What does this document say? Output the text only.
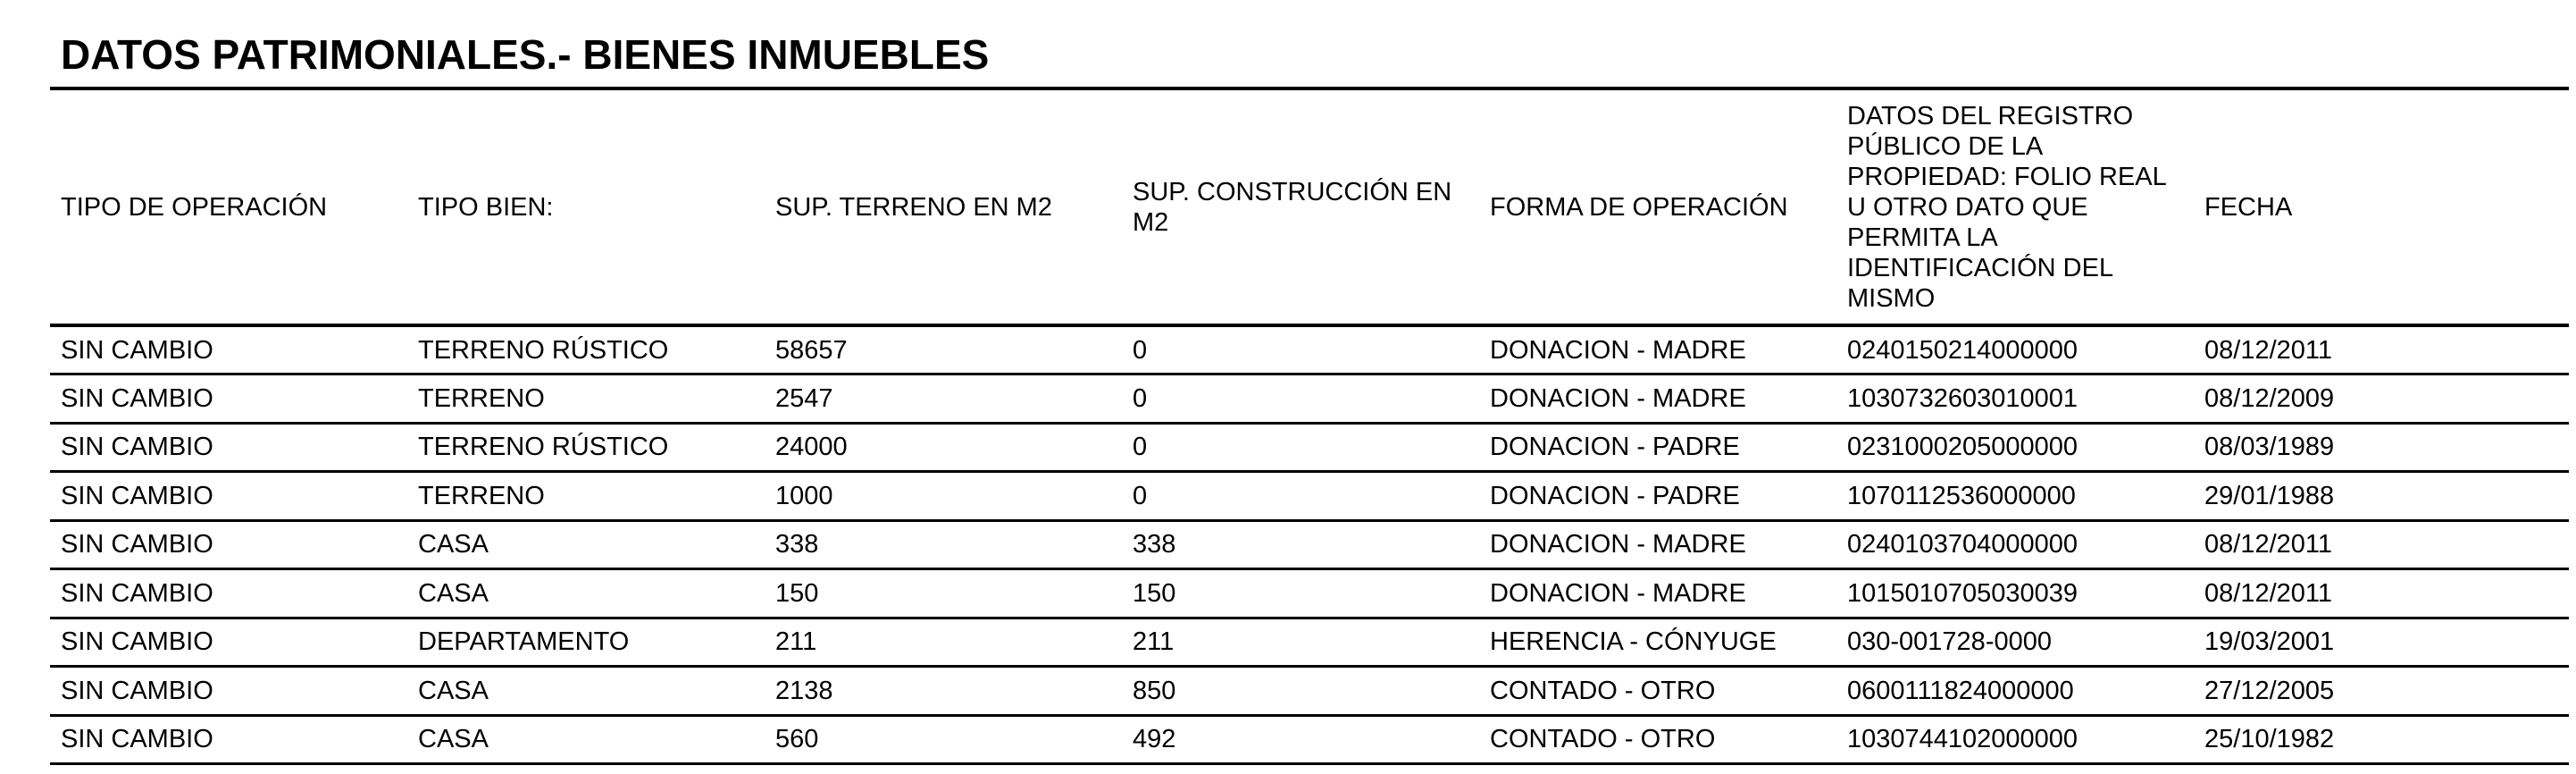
DATOS PATRIMONIALES.- BIENES INMUEBLES
TIPO DE OPERACIÓN	TIPO BIEN:	SUP. TERRENO EN M2	SUP. CONSTRUCCIÓN EN M2	FORMA DE OPERACIÓN	DATOS DEL REGISTRO PÚBLICO DE LA PROPIEDAD: FOLIO REAL U OTRO DATO QUE PERMITA LA IDENTIFICACIÓN DEL MISMO	FECHA
SIN CAMBIO	TERRENO RÚSTICO	58657	0	DONACION - MADRE	0240150214000000	08/12/2011
SIN CAMBIO	TERRENO	2547	0	DONACION - MADRE	1030732603010001	08/12/2009
SIN CAMBIO	TERRENO RÚSTICO	24000	0	DONACION - PADRE	0231000205000000	08/03/1989
SIN CAMBIO	TERRENO	1000	0	DONACION - PADRE	1070112536000000	29/01/1988
SIN CAMBIO	CASA	338	338	DONACION - MADRE	0240103704000000	08/12/2011
SIN CAMBIO	CASA	150	150	DONACION - MADRE	1015010705030039	08/12/2011
SIN CAMBIO	DEPARTAMENTO	211	211	HERENCIA - CÓNYUGE	030-001728-0000	19/03/2001
SIN CAMBIO	CASA	2138	850	CONTADO - OTRO	0600111824000000	27/12/2005
SIN CAMBIO	CASA	560	492	CONTADO - OTRO	1030744102000000	25/10/1982
